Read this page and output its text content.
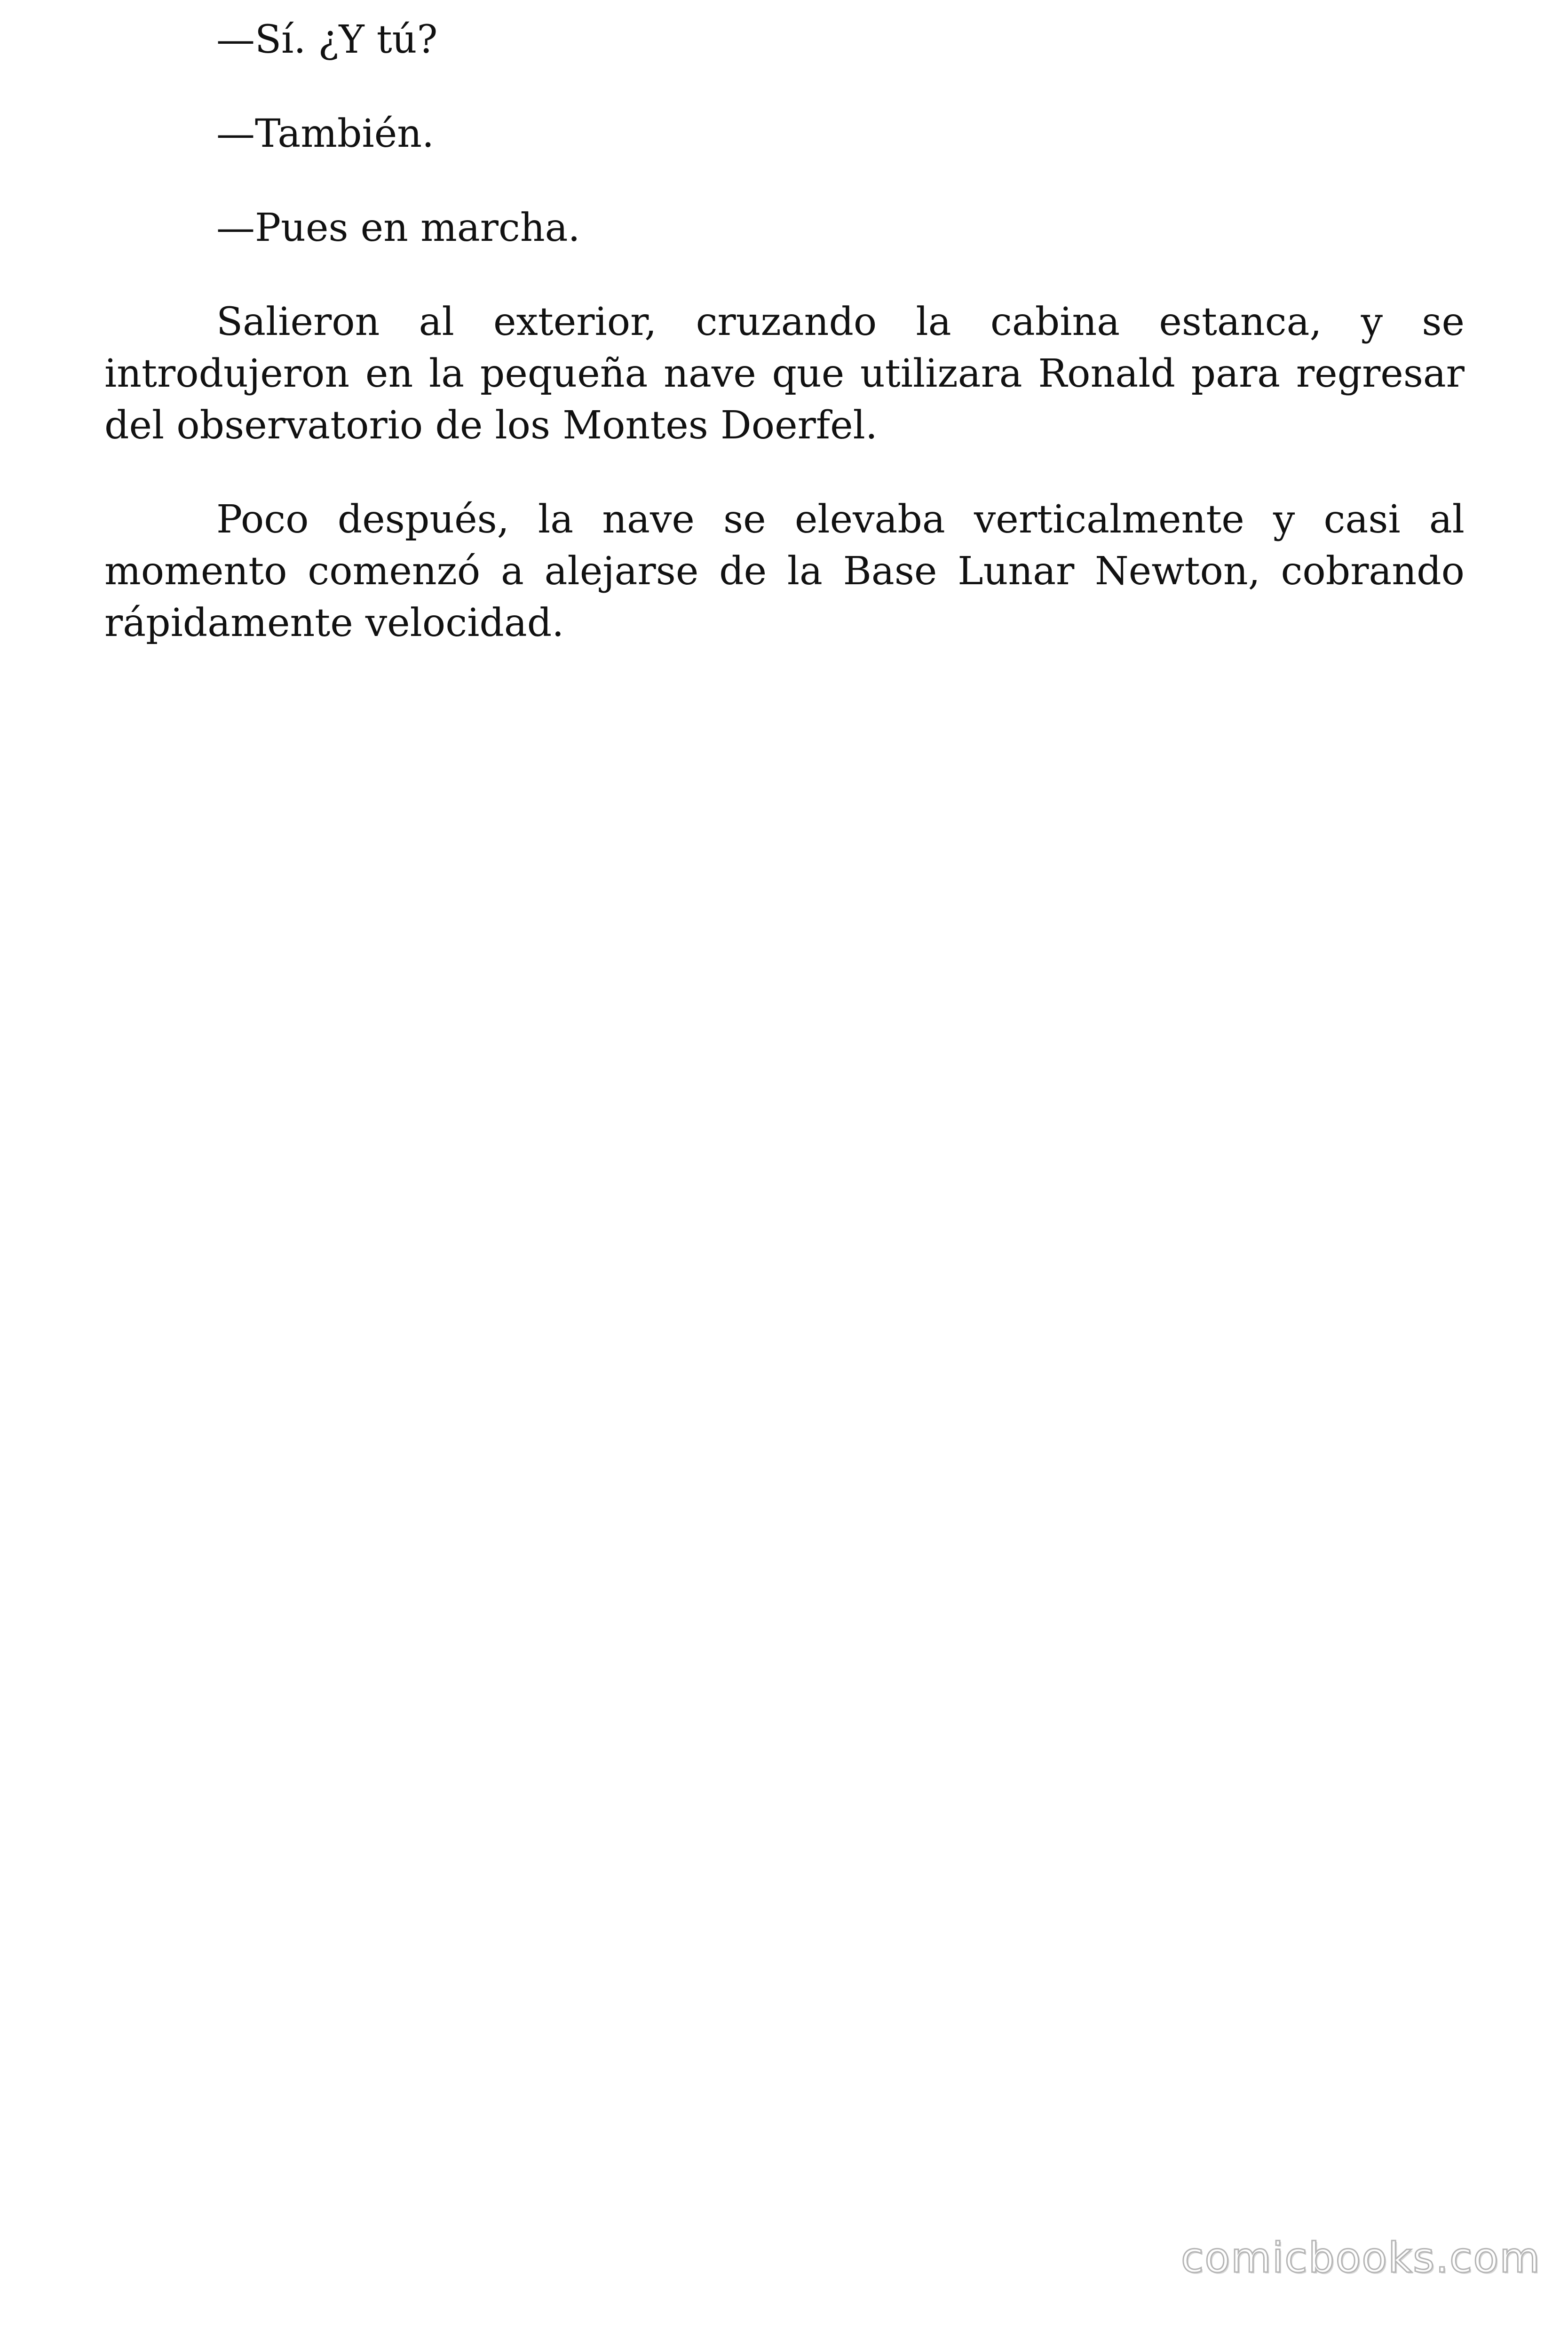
—Sí. ¿Y tú?

—También.

—Pues en marcha.

Salieron al exterior, cruzando la cabina estanca, y se introdujeron en la pequeña nave que utilizara Ronald para regresar del observatorio de los Montes Doerfel.

Poco después, la nave se elevaba verticalmente y casi al momento comenzó a alejarse de la Base Lunar Newton, cobrando rápidamente velocidad.

comicbooks.com
